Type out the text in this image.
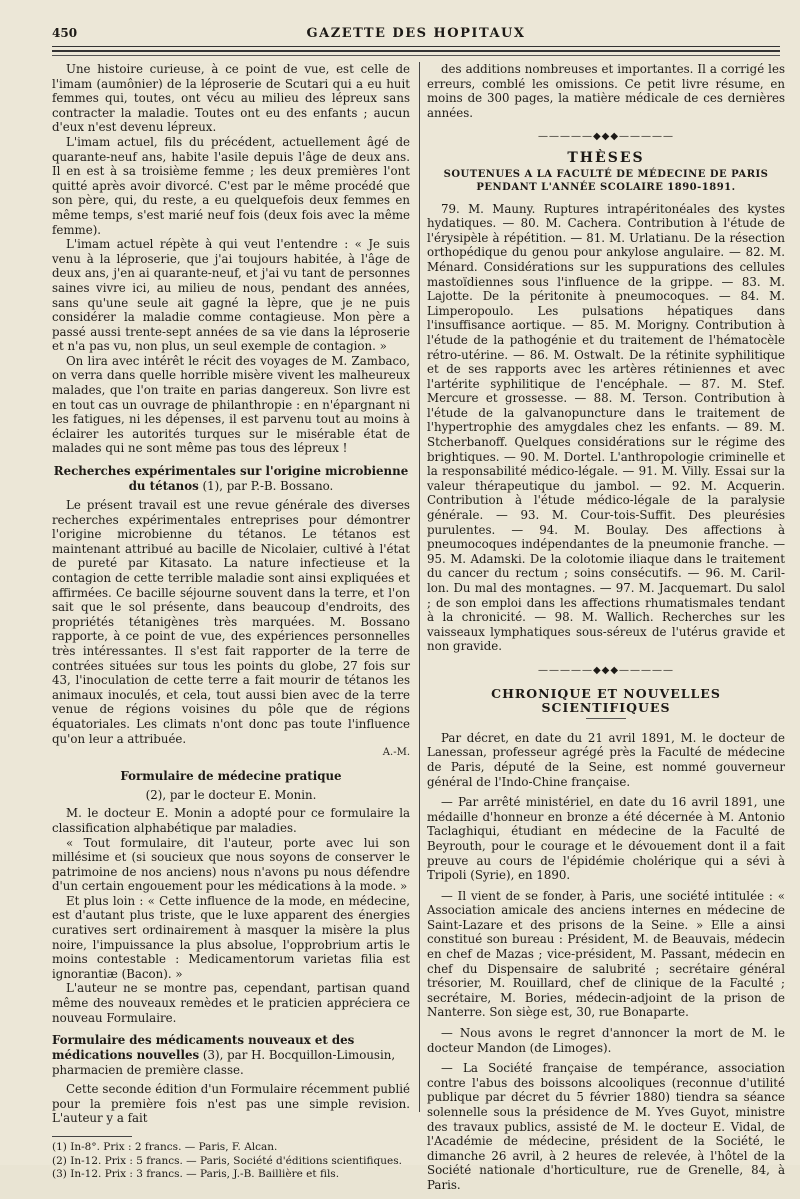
450	GAZETTE DES HOPITAUX

Une histoire curieuse, à ce point de vue, est celle de l'imam (aumônier) de la léproserie de Scutari qui a eu huit femmes qui, toutes, ont vécu au milieu des lépreux sans contracter la maladie. Toutes ont eu des enfants ; aucun d'eux n'est devenu lépreux.

L'imam actuel, fils du précédent, actuellement âgé de quarante-neuf ans, habite l'asile depuis l'âge de deux ans. Il en est à sa troisième femme ; les deux premières l'ont quitté après avoir divorcé. C'est par le même procédé que son père, qui, du reste, a eu quelquefois deux femmes en même temps, s'est marié neuf fois (deux fois avec la même femme).

L'imam actuel répète à qui veut l'entendre : « Je suis venu à la léproserie, que j'ai toujours habitée, à l'âge de deux ans, j'en ai quarante-neuf, et j'ai vu tant de personnes saines vivre ici, au milieu de nous, pendant des années, sans qu'une seule ait gagné la lèpre, que je ne puis considérer la maladie comme contagieuse. Mon père a passé aussi trente-sept années de sa vie dans la léproserie et n'a pas vu, non plus, un seul exemple de contagion. »

On lira avec intérêt le récit des voyages de M. Zambaco, on verra dans quelle horrible misère vivent les malheureux malades, que l'on traite en parias dangereux. Son livre est en tout cas un ouvrage de philanthropie : en n'épargnant ni les fatigues, ni les dépenses, il est parvenu tout au moins à éclairer les autorités turques sur le misérable état de malades qui ne sont même pas tous des lépreux !

Recherches expérimentales sur l'origine microbienne du tétanos (1), par P.-B. Bossano.

Le présent travail est une revue générale des diverses recherches expérimentales entreprises pour démontrer l'origine microbienne du tétanos. Le tétanos est maintenant attribué au bacille de Nicolaier, cultivé à l'état de pureté par Kitasato. La nature infectieuse et la contagion de cette terrible maladie sont ainsi expliquées et affirmées. Ce bacille séjourne souvent dans la terre, et l'on sait que le sol présente, dans beaucoup d'endroits, des propriétés tétanigènes très marquées. M. Bossano rapporte, à ce point de vue, des expériences personnelles très intéressantes. Il s'est fait rapporter de la terre de contrées situées sur tous les points du globe, 27 fois sur 43, l'inoculation de cette terre a fait mourir de tétanos les animaux inoculés, et cela, tout aussi bien avec de la terre venue de régions voisines du pôle que de régions équatoriales. Les climats n'ont donc pas toute l'influence qu'on leur a attribuée.

A.-M.
Formulaire de médecine pratique
(2), par le docteur E. Monin.

M. le docteur E. Monin a adopté pour ce formulaire la classification alphabétique par maladies.

« Tout formulaire, dit l'auteur, porte avec lui son millésime et (si soucieux que nous soyons de conserver le patrimoine de nos anciens) nous n'avons pu nous défendre d'un certain engouement pour les médications à la mode. »

Et plus loin : « Cette influence de la mode, en médecine, est d'autant plus triste, que le luxe apparent des énergies curatives sert ordinairement à masquer la misère la plus noire, l'impuissance la plus absolue, l'opprobrium artis le moins contestable : Medicamentorum varietas filia est ignorantiæ (Bacon). »

L'auteur ne se montre pas, cependant, partisan quand même des nouveaux remèdes et le praticien appréciera ce nouveau Formulaire.

Formulaire des médicaments nouveaux et des médications nouvelles (3), par H. Bocquillon-Limousin, pharmacien de première classe.

Cette seconde édition d'un Formulaire récemment publié pour la première fois n'est pas une simple revision. L'auteur y a fait

(1) In-8°. Prix : 2 francs. — Paris, F. Alcan.

(2) In-12. Prix : 5 francs. — Paris, Société d'éditions scientifiques.

(3) In-12. Prix : 3 francs. — Paris, J.-B. Baillière et fils.

des additions nombreuses et importantes. Il a corrigé les erreurs, comblé les omissions. Ce petit livre résume, en moins de 300 pages, la matière médicale de ces dernières années.

—————◆◆◆—————
THÈSES
SOUTENUES A LA FACULTÉ DE MÉDECINE DE PARIS
PENDANT L'ANNÉE SCOLAIRE 1890-1891.

79. M. Mauny. Ruptures intrapéritonéales des kystes hydatiques. — 80. M. Cachera. Contribution à l'étude de l'érysipèle à répétition. — 81. M. Urlatianu. De la résection orthopédique du genou pour ankylose angulaire. — 82. M. Ménard. Considérations sur les suppurations des cellules mastoïdiennes sous l'influence de la grippe. — 83. M. Lajotte. De la péritonite à pneumocoques. — 84. M. Limperopoulo. Les pulsations hépatiques dans l'insuffisance aortique. — 85. M. Morigny. Contribution à l'étude de la pathogénie et du traitement de l'hématocèle rétro-utérine. — 86. M. Ostwalt. De la rétinite syphilitique et de ses rapports avec les artères rétiniennes et avec l'artérite syphilitique de l'encéphale. — 87. M. Stef. Mercure et grossesse. — 88. M. Terson. Contribution à l'étude de la galvanopuncture dans le traitement de l'hypertrophie des amygdales chez les enfants. — 89. M. Stcherbanoff. Quelques considérations sur le régime des brightiques. — 90. M. Dortel. L'anthropologie criminelle et la responsabilité médico-légale. — 91. M. Villy. Essai sur la valeur thérapeutique du jambol. — 92. M. Acquerin. Contribution à l'étude médico-légale de la paralysie générale. — 93. M. Cour-tois-Suffit. Des pleurésies purulentes. — 94. M. Boulay. Des affections à pneumocoques indépendantes de la pneumonie franche. — 95. M. Adamski. De la colotomie iliaque dans le traitement du cancer du rectum ; soins consécutifs. — 96. M. Caril-lon. Du mal des montagnes. — 97. M. Jacquemart. Du salol ; de son emploi dans les affections rhumatismales tendant à la chronicité. — 98. M. Wallich. Recherches sur les vaisseaux lymphatiques sous-séreux de l'utérus gravide et non gravide.

—————◆◆◆—————
CHRONIQUE ET NOUVELLES SCIENTIFIQUES

Par décret, en date du 21 avril 1891, M. le docteur de Lanessan, professeur agrégé près la Faculté de médecine de Paris, député de la Seine, est nommé gouverneur général de l'Indo-Chine française.

— Par arrêté ministériel, en date du 16 avril 1891, une médaille d'honneur en bronze a été décernée à M. Antonio Taclaghiqui, étudiant en médecine de la Faculté de Beyrouth, pour le courage et le dévouement dont il a fait preuve au cours de l'épidémie cholérique qui a sévi à Tripoli (Syrie), en 1890.

— Il vient de se fonder, à Paris, une société intitulée : « Association amicale des anciens internes en médecine de Saint-Lazare et des prisons de la Seine. » Elle a ainsi constitué son bureau : Président, M. de Beauvais, médecin en chef de Mazas ; vice-président, M. Passant, médecin en chef du Dispensaire de salubrité ; secrétaire général trésorier, M. Rouillard, chef de clinique de la Faculté ; secrétaire, M. Bories, médecin-adjoint de la prison de Nanterre. Son siège est, 30, rue Bonaparte.

— Nous avons le regret d'annoncer la mort de M. le docteur Mandon (de Limoges).

— La Société française de tempérance, association contre l'abus des boissons alcooliques (reconnue d'utilité publique par décret du 5 février 1880) tiendra sa séance solennelle sous la présidence de M. Yves Guyot, ministre des travaux publics, assisté de M. le docteur E. Vidal, de l'Académie de médecine, président de la Société, le dimanche 26 avril, à 2 heures de relevée, à l'hôtel de la Société nationale d'horticulture, rue de Grenelle, 84, à Paris.
